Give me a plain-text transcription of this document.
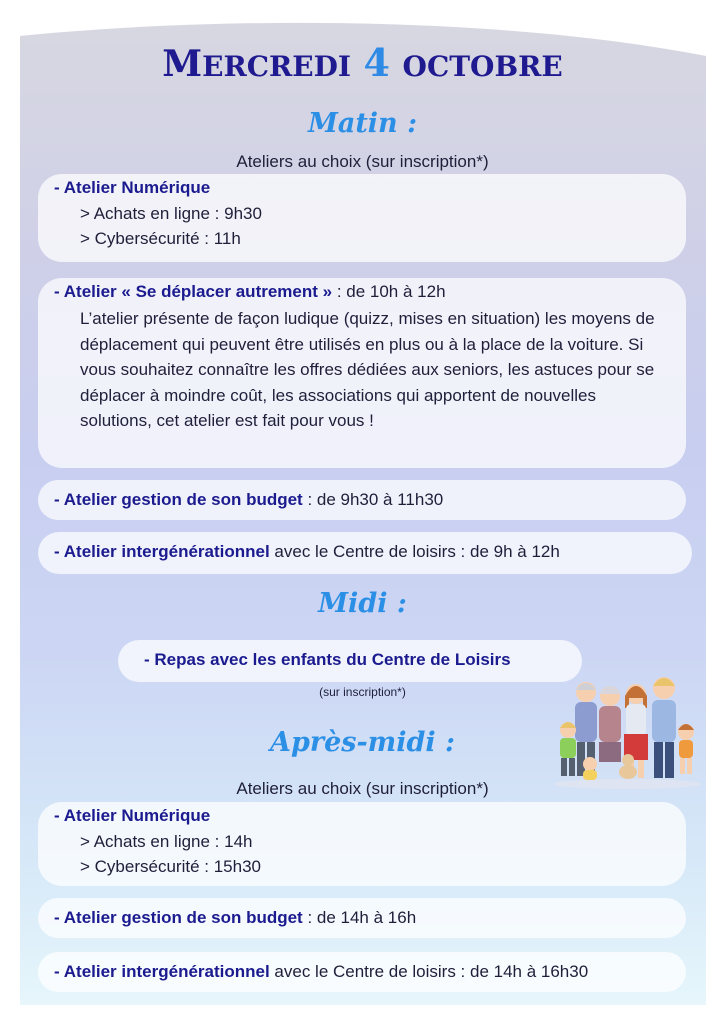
MERCREDI 4 OCTOBRE
Matin :
Ateliers au choix (sur inscription*)
- Atelier Numérique
> Achats en ligne : 9h30
> Cybersécurité : 11h
- Atelier « Se déplacer autrement » : de 10h à 12h
L’atelier présente de façon ludique (quizz, mises en situation) les moyens de déplacement qui peuvent être utilisés en plus ou à la place de la voiture. Si vous souhaitez connaître les offres dédiées aux seniors, les astuces pour se déplacer à moindre coût, les associations qui apportent de nouvelles solutions, cet atelier est fait pour vous !
- Atelier gestion de son budget : de 9h30 à 11h30
- Atelier intergénérationnel avec le Centre de loisirs : de 9h à 12h
Midi :
- Repas avec les enfants du Centre de Loisirs
(sur inscription*)
Après-midi :
Ateliers au choix (sur inscription*)
- Atelier Numérique
> Achats en ligne : 14h
> Cybersécurité : 15h30
- Atelier gestion de son budget : de 14h à 16h
- Atelier intergénérationnel avec le Centre de loisirs : de 14h à 16h30
